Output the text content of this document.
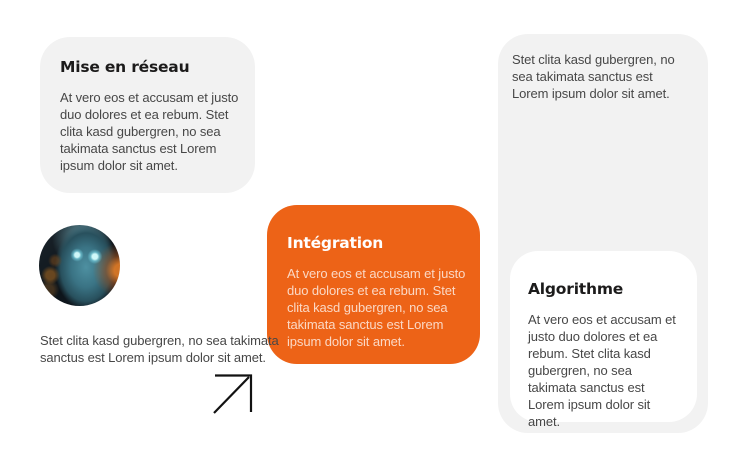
Mise en réseau

At vero eos et accusam et justo duo dolores et ea rebum. Stet clita kasd gubergren, no sea takimata sanctus est Lorem ipsum dolor sit amet.

Stet clita kasd gubergren, no sea takimata sanctus est Lorem ipsum dolor sit amet.

Intégration

At vero eos et accusam et justo duo dolores et ea rebum. Stet clita kasd gubergren, no sea takimata sanctus est Lorem ipsum dolor sit amet.

Algorithme

At vero eos et accusam et justo duo dolores et ea rebum. Stet clita kasd gubergren, no sea takimata sanctus est Lorem ipsum dolor sit amet.

Stet clita kasd gubergren, no sea takimata sanctus est Lorem ipsum dolor sit amet.
